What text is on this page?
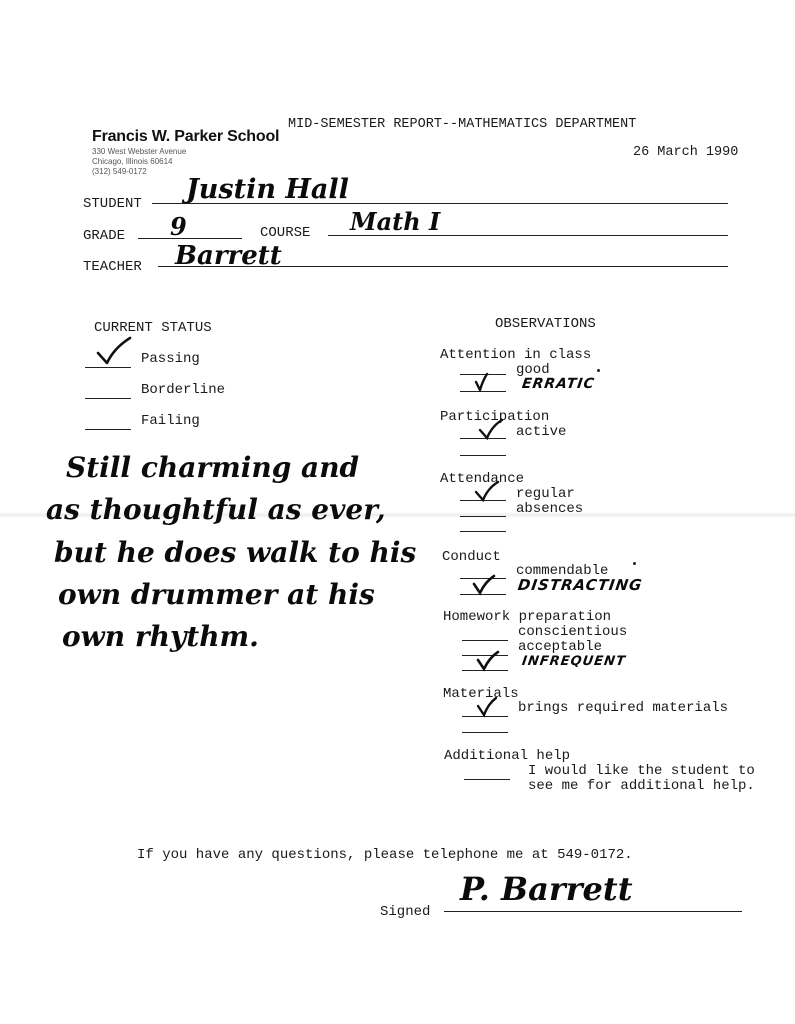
Francis W. Parker School
330 West Webster Avenue
Chicago, Illinois 60614
(312) 549-0172
MID-SEMESTER REPORT--MATHEMATICS DEPARTMENT
26 March 1990
STUDENT Justin Hall
GRADE 9	COURSE Math I
TEACHER Barrett
CURRENT STATUS
Passing
Borderline
Failing
Still charming and
as thoughtful as ever,
but he does walk to his
own drummer at his
own rhythm.
OBSERVATIONS
Attention in class
good
ERRATIC
Participation
active
Attendance
regular
absences
Conduct
commendable
DISTRACTING
Homework preparation
conscientious
acceptable
INFREQUENT
Materials
brings required materials
Additional help
I would like the student to
see me for additional help.
If you have any questions, please telephone me at 549-0172.
Signed
P. Barrett
